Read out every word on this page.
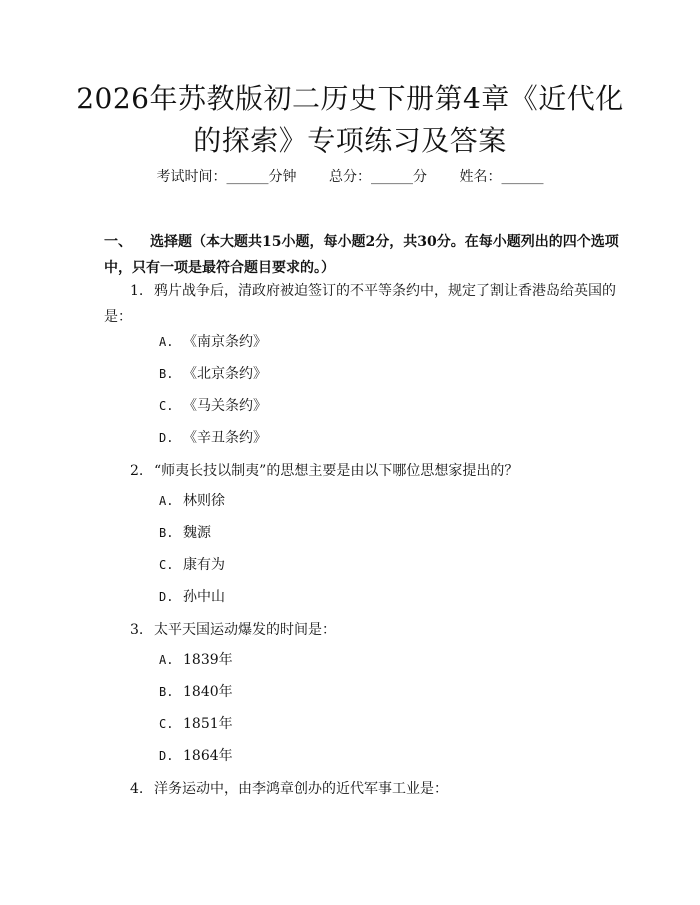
2026年苏教版初二历史下册第4章《近代化
的探索》专项练习及答案
考试时间：______分钟 总分：______分 姓名：______
一、 选择题（本大题共15小题，每小题2分，共30分。在每小题列出的四个选项中，只有一项是最符合题目要求的。）
1. 鸦片战争后，清政府被迫签订的不平等条约中，规定了割让香港岛给英国的是：
A. 《南京条约》
B. 《北京条约》
C. 《马关条约》
D. 《辛丑条约》
2. “师夷长技以制夷”的思想主要是由以下哪位思想家提出的？
A. 林则徐
B. 魏源
C. 康有为
D. 孙中山
3. 太平天国运动爆发的时间是：
A. 1839年
B. 1840年
C. 1851年
D. 1864年
4. 洋务运动中，由李鸿章创办的近代军事工业是：
